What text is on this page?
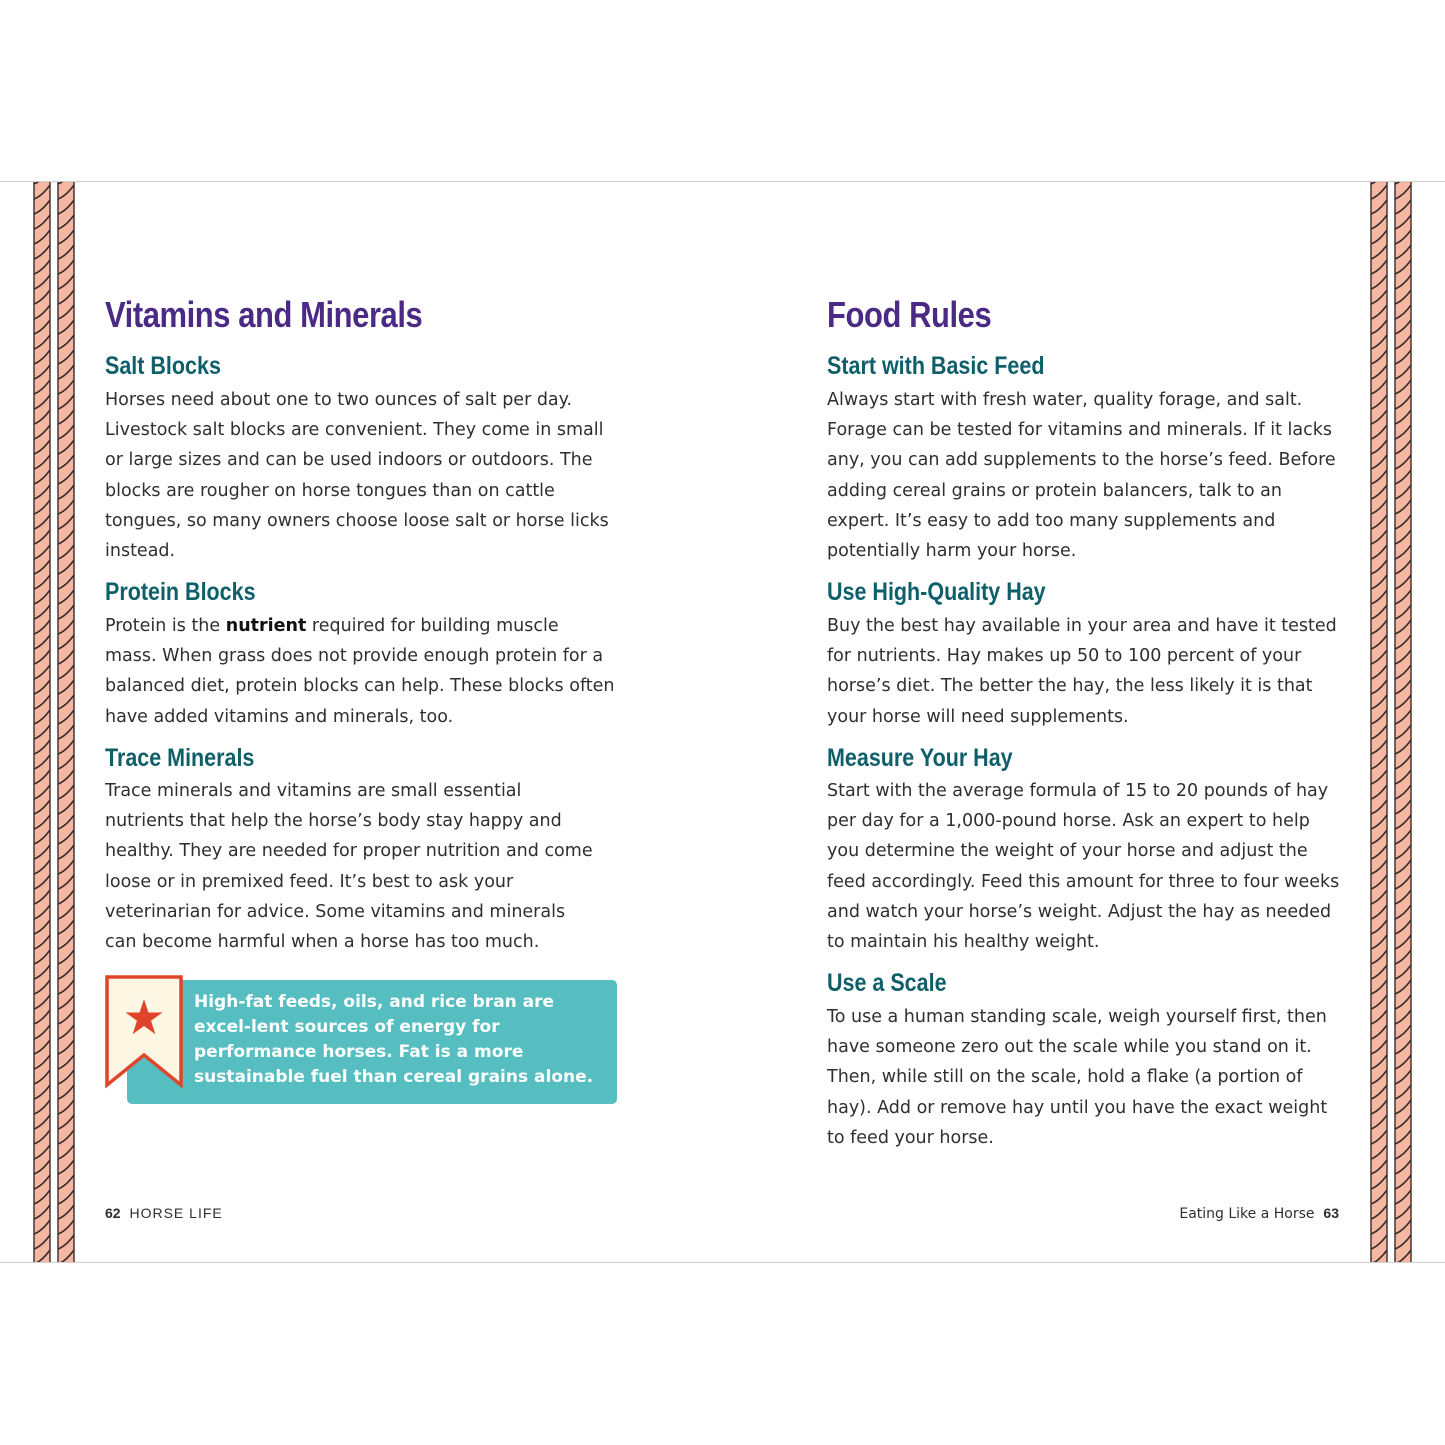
Vitamins and Minerals
Salt Blocks

Horses need about one to two ounces of salt per day. Livestock salt blocks are convenient. They come in small or large sizes and can be used indoors or outdoors. The blocks are rougher on horse tongues than on cattle tongues, so many owners choose loose salt or horse licks instead.

Protein Blocks

Protein is the nutrient required for building muscle mass. When grass does not provide enough protein for a balanced diet, protein blocks can help. These blocks often have added vitamins and minerals, too.

Trace Minerals

Trace minerals and vitamins are small essential nutrients that help the horse’s body stay happy and healthy. They are needed for proper nutrition and come loose or in premixed feed. It’s best to ask your veterinarian for advice. Some vitamins and minerals can become harmful when a horse has too much.

High-fat feeds, oils, and rice bran are excel-lent sources of energy for performance horses. Fat is a more sustainable fuel than cereal grains alone.

Food Rules
Start with Basic Feed

Always start with fresh water, quality forage, and salt. Forage can be tested for vitamins and minerals. If it lacks any, you can add supplements to the horse’s feed. Before adding cereal grains or protein balancers, talk to an expert. It’s easy to add too many supplements and potentially harm your horse.

Use High-Quality Hay

Buy the best hay available in your area and have it tested for nutrients. Hay makes up 50 to 100 percent of your horse’s diet. The better the hay, the less likely it is that your horse will need supplements.

Measure Your Hay

Start with the average formula of 15 to 20 pounds of hay per day for a 1,000-pound horse. Ask an expert to help you determine the weight of your horse and adjust the feed accordingly. Feed this amount for three to four weeks and watch your horse’s weight. Adjust the hay as needed to maintain his healthy weight.

Use a Scale

To use a human standing scale, weigh yourself first, then have someone zero out the scale while you stand on it. Then, while still on the scale, hold a flake (a portion of hay). Add or remove hay until you have the exact weight to feed your horse.

62 HORSE LIFE	Eating Like a Horse 63
